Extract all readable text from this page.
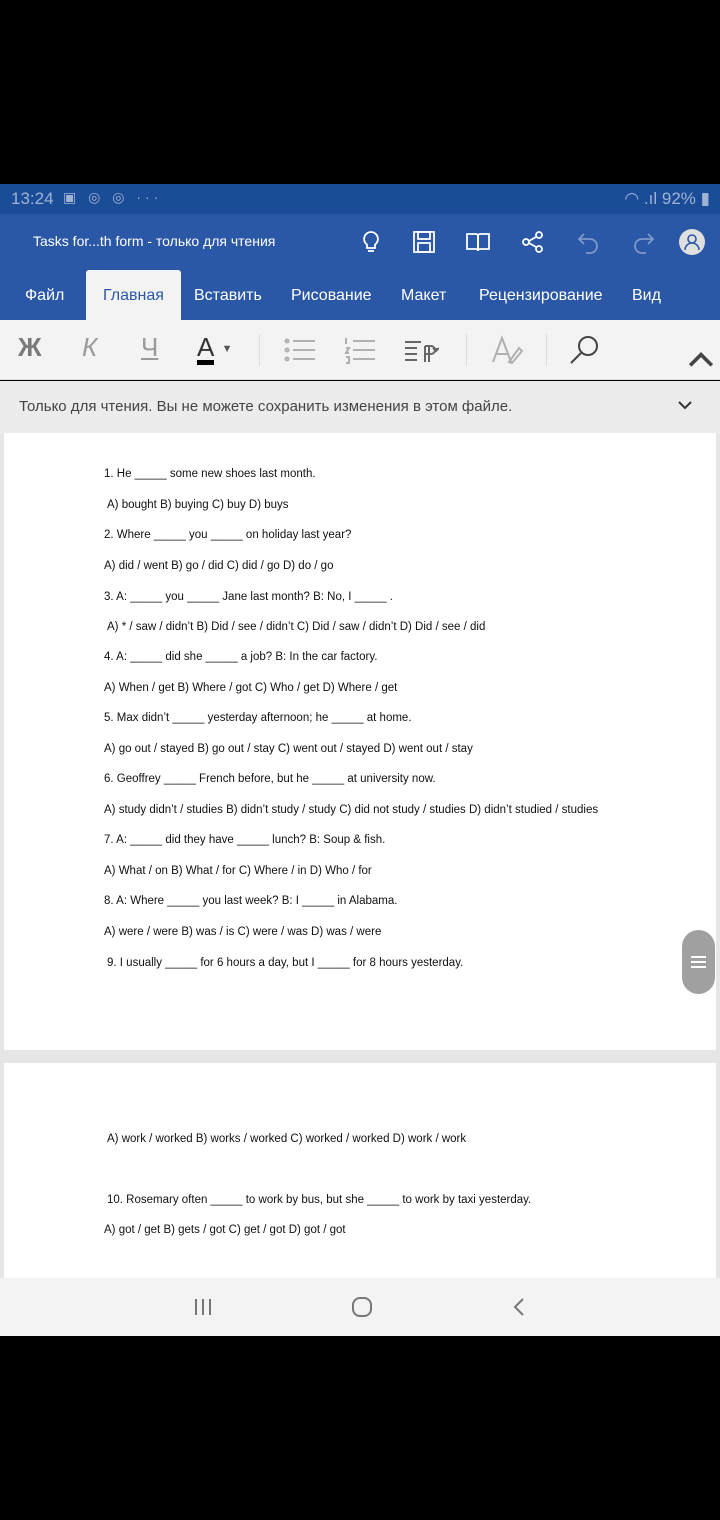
13:24 ▣ ◎ ◎ ···	◠ .ıl 92% ▮
Tasks for...th form - только для чтения
Файл	Главная	Вставить Рисование Макет Рецензирование Вид
Ж К Ч A ▼
Только для чтения. Вы не можете сохранить изменения в этом файле.
1. He _____ some new shoes last month.
A) bought B) buying C) buy D) buys
2. Where _____ you _____ on holiday last year?
A) did / went B) go / did C) did / go D) do / go
3. A: _____ you _____ Jane last month? B: No, I _____ .
A) * / saw / didn’t B) Did / see / didn’t C) Did / saw / didn’t D) Did / see / did
4. A: _____ did she _____ a job? B: In the car factory.
A) When / get B) Where / got C) Who / get D) Where / get
5. Max didn’t _____ yesterday afternoon; he _____ at home.
A) go out / stayed B) go out / stay C) went out / stayed D) went out / stay
6. Geoffrey _____ French before, but he _____ at university now.
A) study didn’t / studies B) didn’t study / study C) did not study / studies D) didn’t studied / studies
7. A: _____ did they have _____ lunch? B: Soup & fish.
A) What / on B) What / for C) Where / in D) Who / for
8. A: Where _____ you last week? B: I _____ in Alabama.
A) were / were B) was / is C) were / was D) was / were
9. I usually _____ for 6 hours a day, but I _____ for 8 hours yesterday.
A) work / worked B) works / worked C) worked / worked D) work / work
10. Rosemary often _____ to work by bus, but she _____ to work by taxi yesterday.
A) got / get B) gets / got C) get / got D) got / got
